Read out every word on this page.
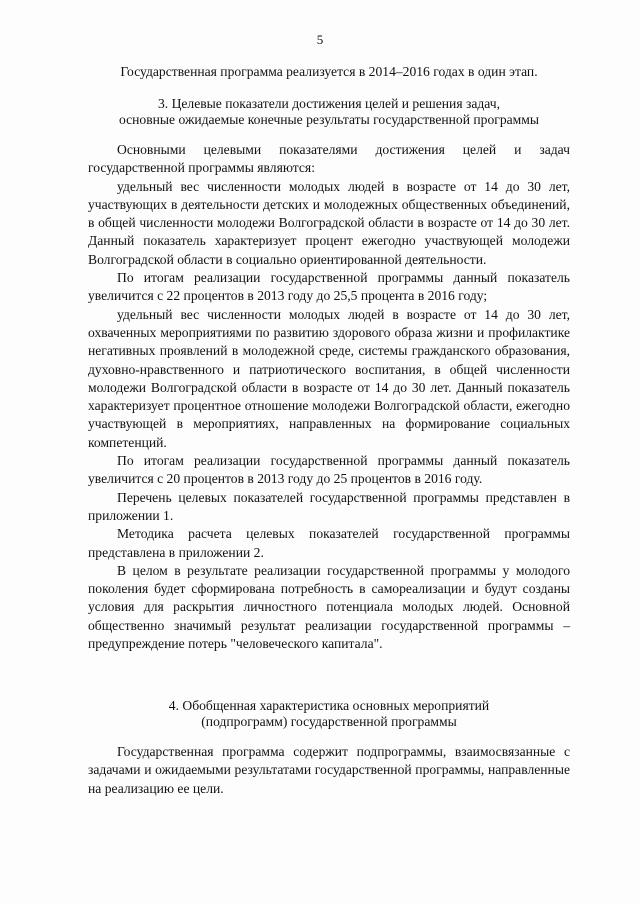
5
Государственная программа реализуется в 2014–2016 годах в один этап.
3. Целевые показатели достижения целей и решения задач,
основные ожидаемые конечные результаты государственной программы

Основными целевыми показателями достижения целей и задач государственной программы являются:

удельный вес численности молодых людей в возрасте от 14 до 30 лет, участвующих в деятельности детских и молодежных общественных объединений, в общей численности молодежи Волгоградской области в возрасте от 14 до 30 лет. Данный показатель характеризует процент ежегодно участвующей молодежи Волгоградской области в социально ориентированной деятельности.

По итогам реализации государственной программы данный показатель увеличится с 22 процентов в 2013 году до 25,5 процента в 2016 году;

удельный вес численности молодых людей в возрасте от 14 до 30 лет, охваченных мероприятиями по развитию здорового образа жизни и профилактике негативных проявлений в молодежной среде, системы гражданского образования, духовно-нравственного и патриотического воспитания, в общей численности молодежи Волгоградской области в возрасте от 14 до 30 лет. Данный показатель характеризует процентное отношение молодежи Волгоградской области, ежегодно участвующей в мероприятиях, направленных на формирование социальных компетенций.

По итогам реализации государственной программы данный показатель увеличится с 20 процентов в 2013 году до 25 процентов в 2016 году.

Перечень целевых показателей государственной программы представлен в приложении 1.

Методика расчета целевых показателей государственной программы представлена в приложении 2.

В целом в результате реализации государственной программы у молодого поколения будет сформирована потребность в самореализации и будут созданы условия для раскрытия личностного потенциала молодых людей. Основной общественно значимый результат реализации государственной программы – предупреждение потерь "человеческого капитала".

4. Обобщенная характеристика основных мероприятий
(подпрограмм) государственной программы

Государственная программа содержит подпрограммы, взаимосвязанные с задачами и ожидаемыми результатами государственной программы, направленные на реализацию ее цели.
